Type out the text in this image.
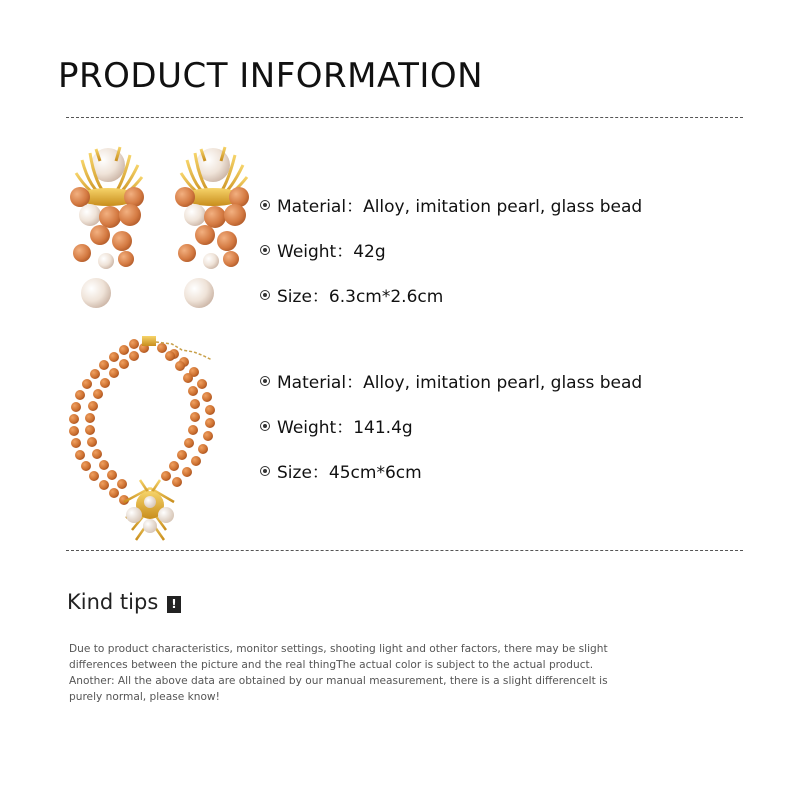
PRODUCT INFORMATION
Material：Alloy, imitation pearl, glass bead
Weight：42g
Size：6.3cm*2.6cm
Material：Alloy, imitation pearl, glass bead
Weight：141.4g
Size：45cm*6cm
Kind tips	!

Due to product characteristics, monitor settings, shooting light and other factors, there may be slight

differences between the picture and the real thingThe actual color is subject to the actual product.

Another: All the above data are obtained by our manual measurement, there is a slight differenceIt is

purely normal, please know!
